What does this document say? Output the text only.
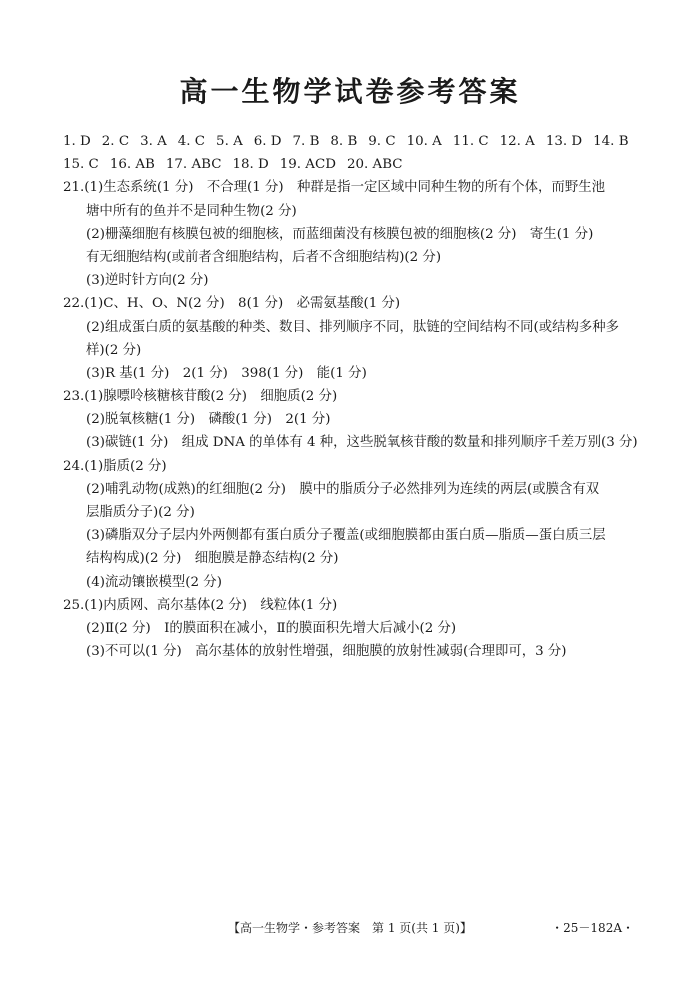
高一生物学试卷参考答案
1. D 2. C 3. A 4. C 5. A 6. D 7. B 8. B 9. C 10. A 11. C 12. A 13. D 14. B
15. C 16. AB 17. ABC 18. D 19. ACD 20. ABC
21.(1)生态系统(1 分)　不合理(1 分)　种群是指一定区域中同种生物的所有个体，而野生池
塘中所有的鱼并不是同种生物(2 分)
(2)栅藻细胞有核膜包被的细胞核，而蓝细菌没有核膜包被的细胞核(2 分)　寄生(1 分)
有无细胞结构(或前者含细胞结构，后者不含细胞结构)(2 分)
(3)逆时针方向(2 分)
22.(1)C、H、O、N(2 分)　8(1 分)　必需氨基酸(1 分)
(2)组成蛋白质的氨基酸的种类、数目、排列顺序不同，肽链的空间结构不同(或结构多种多
样)(2 分)
(3)R 基(1 分)　2(1 分)　398(1 分)　能(1 分)
23.(1)腺嘌呤核糖核苷酸(2 分)　细胞质(2 分)
(2)脱氧核糖(1 分)　磷酸(1 分)　2(1 分)
(3)碳链(1 分)　组成 DNA 的单体有 4 种，这些脱氧核苷酸的数量和排列顺序千差万别(3 分)
24.(1)脂质(2 分)
(2)哺乳动物(成熟)的红细胞(2 分)　膜中的脂质分子必然排列为连续的两层(或膜含有双
层脂质分子)(2 分)
(3)磷脂双分子层内外两侧都有蛋白质分子覆盖(或细胞膜都由蛋白质—脂质—蛋白质三层
结构构成)(2 分)　细胞膜是静态结构(2 分)
(4)流动镶嵌模型(2 分)
25.(1)内质网、高尔基体(2 分)　线粒体(1 分)
(2)Ⅱ(2 分)　Ⅰ的膜面积在减小，Ⅱ的膜面积先增大后减小(2 分)
(3)不可以(1 分)　高尔基体的放射性增强，细胞膜的放射性减弱(合理即可，3 分)
【高一生物学・参考答案　第 1 页(共 1 页)】	・25－182A・
